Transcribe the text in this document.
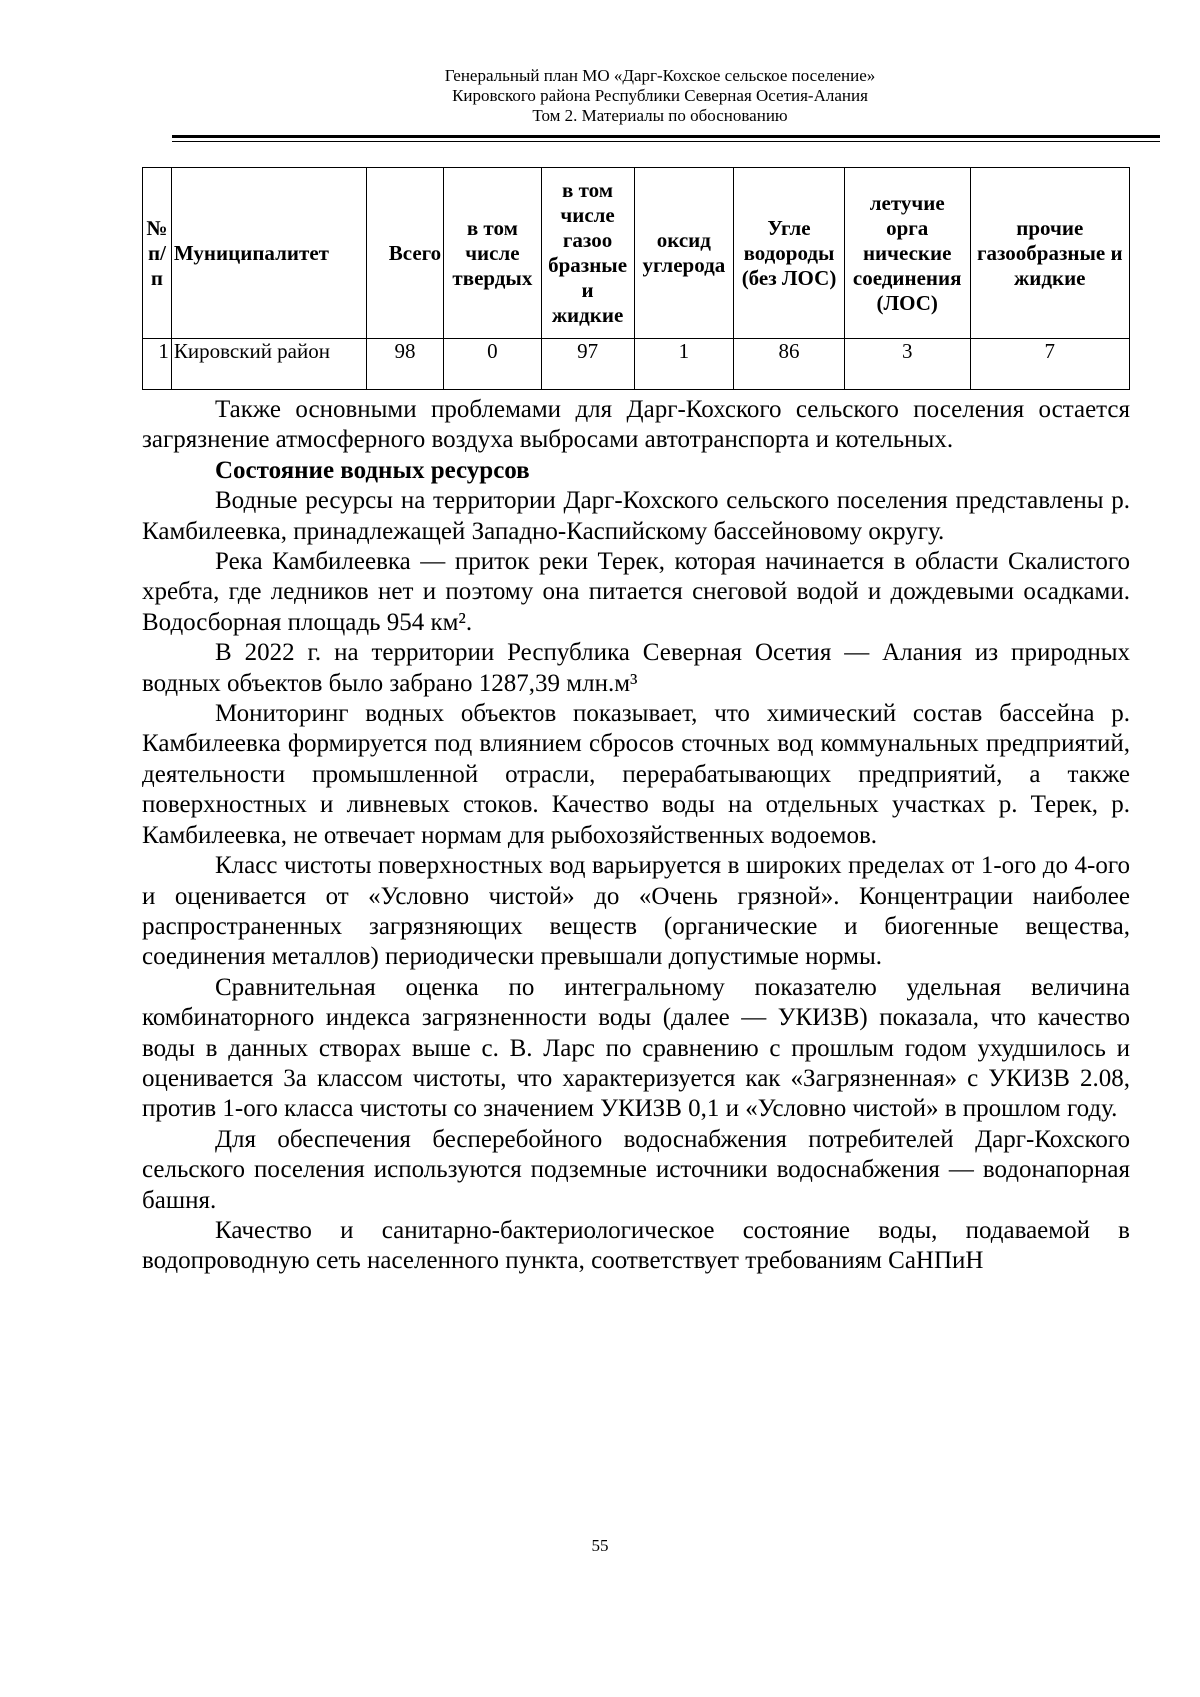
Генеральный план МО «Дарг-Кохское сельское поселение»
Кировского района Республики Северная Осетия-Алания
Том 2. Материалы по обоснованию
№ п/п	Муниципалитет	Всего	в том числе твердых	в том числе газоо бразные и жидкие	оксид углерода	Угле водороды (без ЛОС)	летучие орга нические соединения (ЛОС)	прочие газообразные и жидкие
1	Кировский район	98	0	97	1	86	3	7

Также основными проблемами для Дарг-Кохского сельского поселения остается загрязнение атмосферного воздуха выбросами автотранспорта и котельных.

Состояние водных ресурсов

Водные ресурсы на территории Дарг-Кохского сельского поселения представлены р. Камбилеевка, принадлежащей Западно-Каспийскому бассейновому округу.

Река Камбилеевка — приток реки Терек, которая начинается в области Скалистого хребта, где ледников нет и поэтому она питается снеговой водой и дождевыми осадками. Водосборная площадь 954 км².

В 2022 г. на территории Республика Северная Осетия — Алания из природных водных объектов было забрано 1287,39 млн.м³

Мониторинг водных объектов показывает, что химический состав бассейна р. Камбилеевка формируется под влиянием сбросов сточных вод коммунальных предприятий, деятельности промышленной отрасли, перерабатывающих предприятий, а также поверхностных и ливневых стоков. Качество воды на отдельных участках р. Терек, р. Камбилеевка, не отвечает нормам для рыбохозяйственных водоемов.

Класс чистоты поверхностных вод варьируется в широких пределах от 1-ого до 4-ого и оценивается от «Условно чистой» до «Очень грязной». Концентрации наиболее распространенных загрязняющих веществ (органические и биогенные вещества, соединения металлов) периодически превышали допустимые нормы.

Сравнительная оценка по интегральному показателю удельная величина комбинаторного индекса загрязненности воды (далее — УКИЗВ) показала, что качество воды в данных створах выше с. В. Ларс по сравнению с прошлым годом ухудшилось и оценивается 3а классом чистоты, что характеризуется как «Загрязненная» с УКИЗВ 2.08, против 1-ого класса чистоты со значением УКИЗВ 0,1 и «Условно чистой» в прошлом году.

Для обеспечения бесперебойного водоснабжения потребителей Дарг-Кохского сельского поселения используются подземные источники водоснабжения — водонапорная башня.

Качество и санитарно-бактериологическое состояние воды, подаваемой в водопроводную сеть населенного пункта, соответствует требованиям СаНПиН

55
